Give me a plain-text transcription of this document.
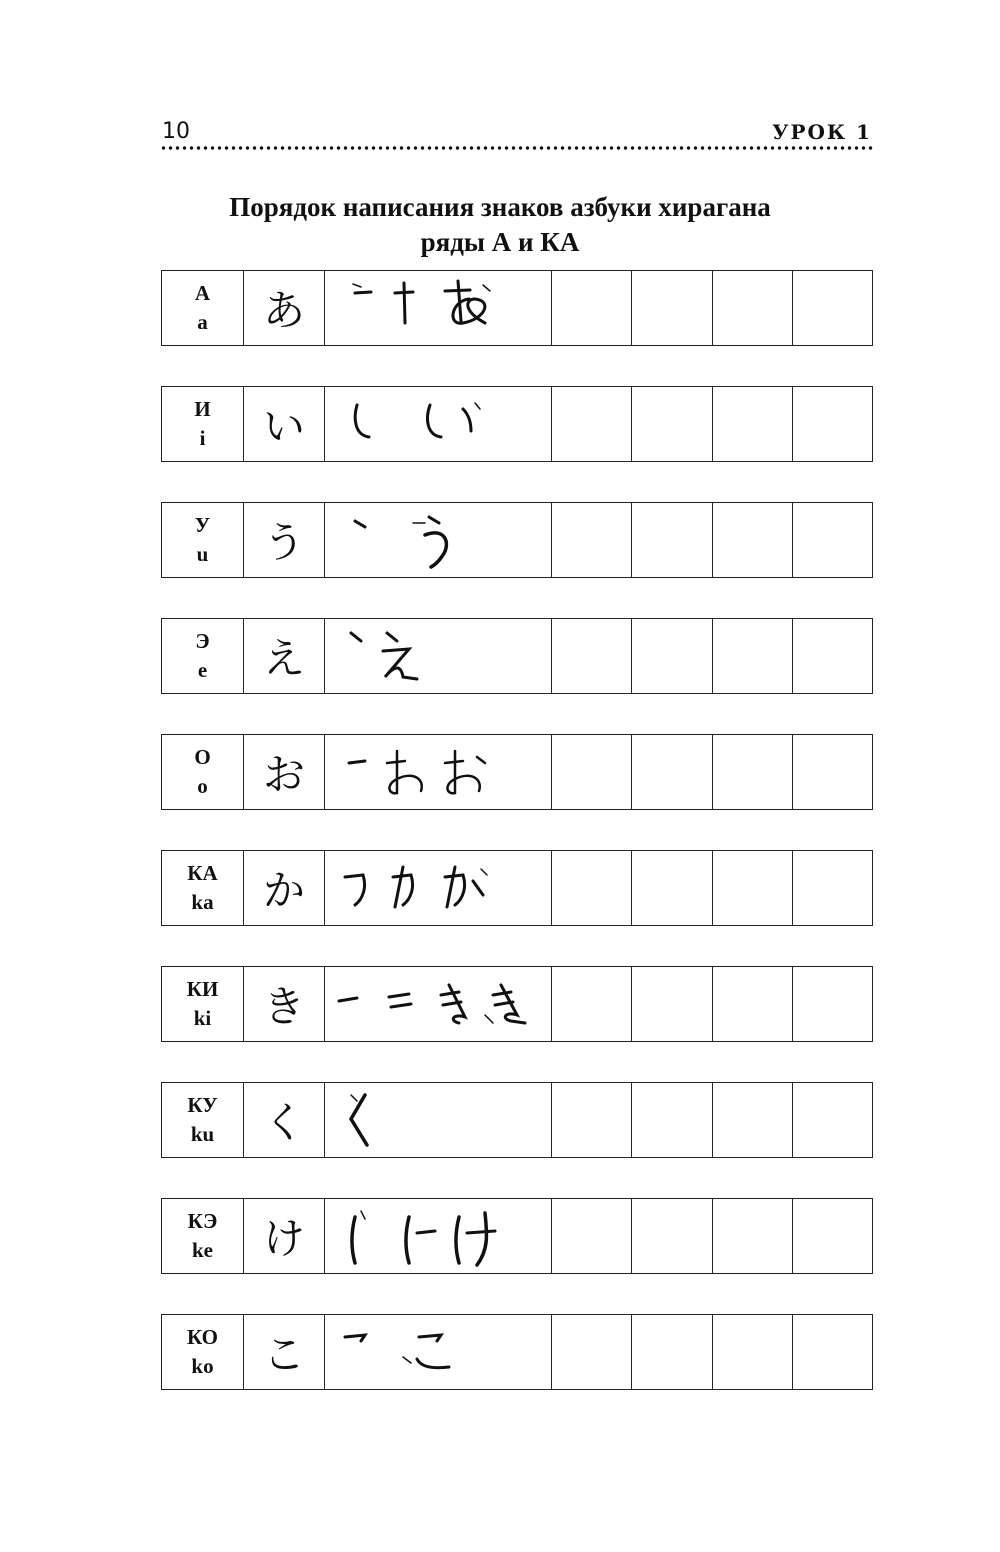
10	УРОК 1
Порядок написания знаков азбуки хирагана
ряды А и КА
А
a あ
И
i い
У
u う
Э
e え
О
o お
КА
ka か
КИ
ki き
КУ
ku く
КЭ
ke け
КО
ko こ
